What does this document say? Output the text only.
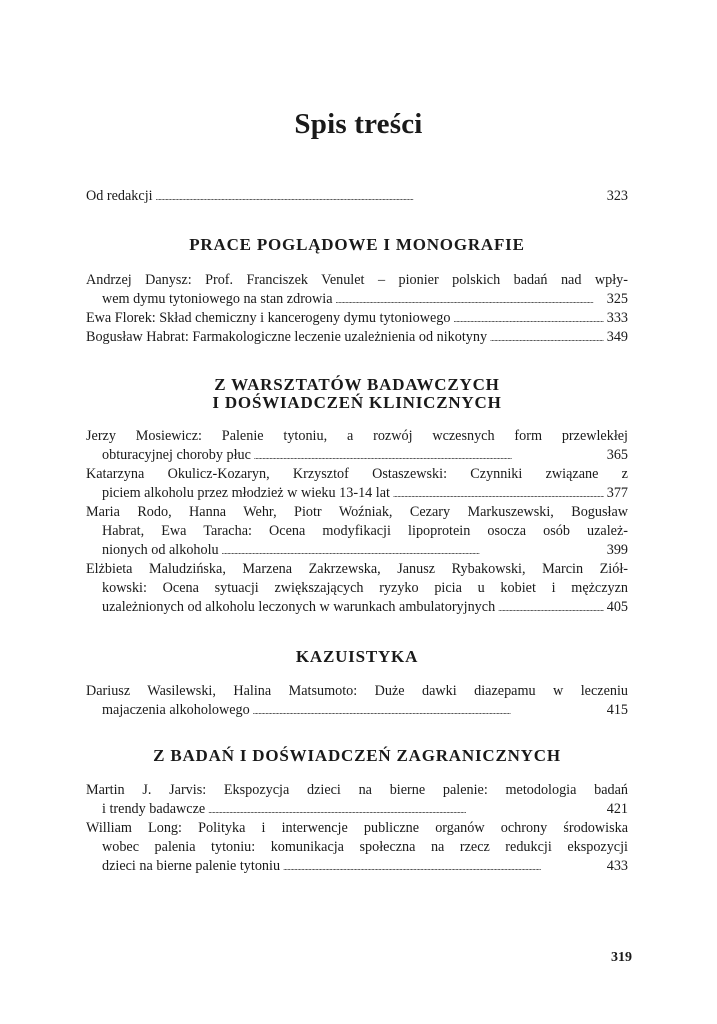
Spis treści
Od redakcji . . .	323
PRACE POGLĄDOWE I MONOGRAFIE
Andrzej Danysz: Prof. Franciszek Venulet – pionier polskich badań nad wpły-
wem dymu tytoniowego na stan zdrowia . . .	325
Ewa Florek: Skład chemiczny i kancerogeny dymu tytoniowego . . .	333
Bogusław Habrat: Farmakologiczne leczenie uzależnienia od nikotyny . . .	349
Z WARSZTATÓW BADAWCZYCH
I DOŚWIADCZEŃ KLINICZNYCH
Jerzy Mosiewicz: Palenie tytoniu, a rozwój wczesnych form przewlekłej
obturacyjnej choroby płuc . . .	365
Katarzyna Okulicz-Kozaryn, Krzysztof Ostaszewski: Czynniki związane z
piciem alkoholu przez młodzież w wieku 13-14 lat . . .	377
Maria Rodo, Hanna Wehr, Piotr Woźniak, Cezary Markuszewski, Bogusław
Habrat, Ewa Taracha: Ocena modyfikacji lipoprotein osocza osób uzależ-
nionych od alkoholu . . .	399
Elżbieta Maludzińska, Marzena Zakrzewska, Janusz Rybakowski, Marcin Ziół-
kowski: Ocena sytuacji zwiększających ryzyko picia u kobiet i mężczyzn
uzależnionych od alkoholu leczonych w warunkach ambulatoryjnych . . .	405
KAZUISTYKA
Dariusz Wasilewski, Halina Matsumoto: Duże dawki diazepamu w leczeniu
majaczenia alkoholowego . . .	415
Z BADAŃ I DOŚWIADCZEŃ ZAGRANICZNYCH
Martin J. Jarvis: Ekspozycja dzieci na bierne palenie: metodologia badań
i trendy badawcze . . .	421
William Long: Polityka i interwencje publiczne organów ochrony środowiska
wobec palenia tytoniu: komunikacja społeczna na rzecz redukcji ekspozycji
dzieci na bierne palenie tytoniu . . .	433
319
